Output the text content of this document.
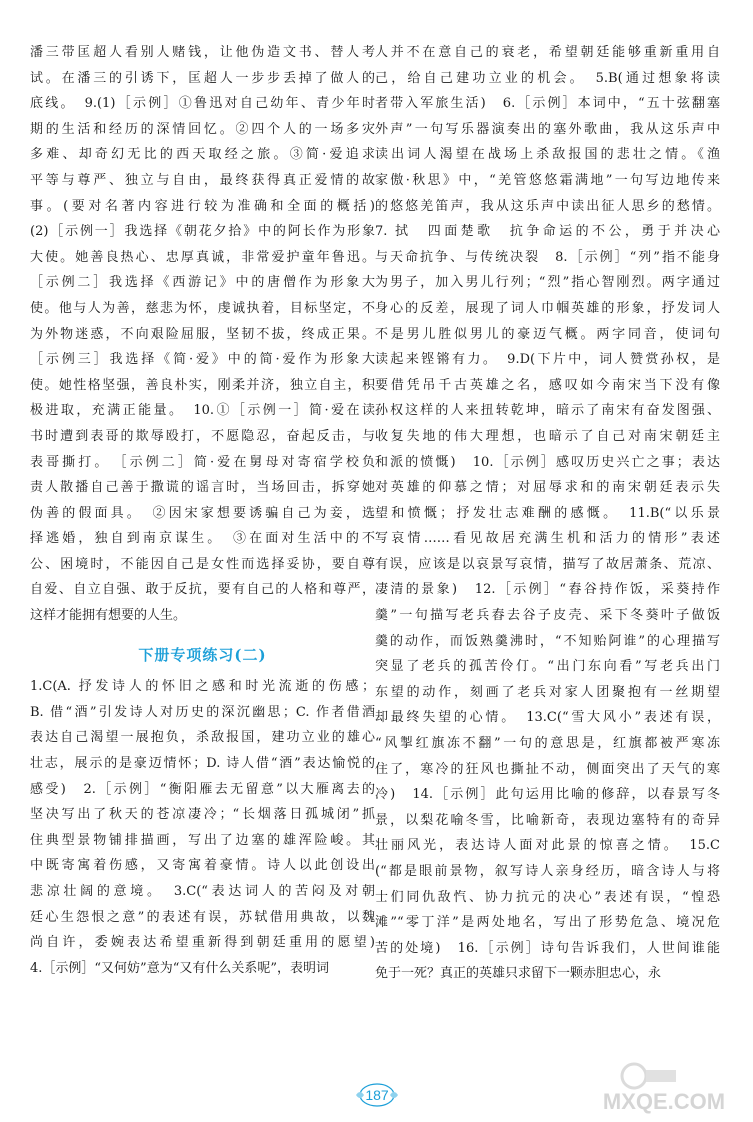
潘三带匡超人看别人赌钱，让他伪造文书、替人考
试。在潘三的引诱下，匡超人一步步丢掉了做人的
底线。　9.(1)［示例］①鲁迅对自己幼年、青少年时
期的生活和经历的深情回忆。②四个人的一场多灾
多难、却奇幻无比的西天取经之旅。③简·爱追求
平等与尊严、独立与自由，最终获得真正爱情的故
事。(要对名著内容进行较为准确和全面的概括)
(2)［示例一］我选择《朝花夕拾》中的阿长作为形象
大使。她善良热心、忠厚真诚，非常爱护童年鲁迅。
［示例二］我选择《西游记》中的唐僧作为形象大
使。他与人为善，慈悲为怀，虔诚执着，目标坚定，不
为外物迷惑，不向艰险屈服，坚韧不拔，终成正果。
［示例三］我选择《简·爱》中的简·爱作为形象大
使。她性格坚强，善良朴实，刚柔并济，独立自主，积
极进取，充满正能量。　10.①［示例一］简·爱在读
书时遭到表哥的欺辱殴打，不愿隐忍，奋起反击，与
表哥撕打。　［示例二］简·爱在舅母对寄宿学校负
责人散播自己善于撒谎的谣言时，当场回击，拆穿她
伪善的假面具。　②因宋家想要诱骗自己为妾，选
择逃婚，独自到南京谋生。　③在面对生活中的不
公、困境时，不能因自己是女性而选择妥协，要自尊
自爱、自立自强、敢于反抗，要有自己的人格和尊严，
这样才能拥有想要的人生。
下册专项练习(二)
1.C(A. 抒发诗人的怀旧之感和时光流逝的伤感；
B. 借“酒”引发诗人对历史的深沉幽思；C. 作者借酒
表达自己渴望一展抱负，杀敌报国，建功立业的雄心
壮志，展示的是豪迈情怀；D. 诗人借“酒”表达愉悦的
感受)　2.［示例］“衡阳雁去无留意”以大雁离去的
坚决写出了秋天的苍凉凄冷；“长烟落日孤城闭”抓
住典型景物铺排描画，写出了边塞的雄浑险峻。其
中既寄寓着伤感，又寄寓着豪情。诗人以此创设出
悲凉壮阔的意境。　3.C(“表达词人的苦闷及对朝
廷心生怨恨之意”的表述有误，苏轼借用典故，以魏
尚自许，委婉表达希望重新得到朝廷重用的愿望)
4.［示例］“又何妨”意为“又有什么关系呢”，表明词
人并不在意自己的衰老，希望朝廷能够重新重用自
己，给自己建功立业的机会。　5.B(通过想象将读
者带入军旅生活)　6.［示例］本词中，“五十弦翻塞
外声”一句写乐器演奏出的塞外歌曲，我从这乐声中
读出词人渴望在战场上杀敌报国的悲壮之情。《渔
家傲·秋思》中，“羌管悠悠霜满地”一句写边地传来
的悠悠羌笛声，我从这乐声中读出征人思乡的愁情。
7. 拭　四面楚歌　抗争命运的不公，勇于并决心
与天命抗争、与传统决裂　8.［示例］“列”指不能身
为男子，加入男儿行列；“烈”指心智刚烈。两字通过
身心的反差，展现了词人巾帼英雄的形象，抒发词人
不是男儿胜似男儿的豪迈气概。两字同音，使词句
读起来铿锵有力。　9.D(下片中，词人赞赏孙权，是
要借凭吊千古英雄之名，感叹如今南宋当下没有像
孙权这样的人来扭转乾坤，暗示了南宋有奋发图强、
收复失地的伟大理想，也暗示了自己对南宋朝廷主
和派的愤慨)　10.［示例］感叹历史兴亡之事；表达
对英雄的仰慕之情；对屈辱求和的南宋朝廷表示失
望和愤慨；抒发壮志难酬的感慨。　11.B(“以乐景
写哀情……看见故居充满生机和活力的情形”表述
有误，应该是以哀景写哀情，描写了故居萧条、荒凉、
凄清的景象)　12.［示例］“舂谷持作饭，采葵持作
羹”一句描写老兵舂去谷子皮壳、采下冬葵叶子做饭
羹的动作，而饭熟羹沸时，“不知贻阿谁”的心理描写
突显了老兵的孤苦伶仃。“出门东向看”写老兵出门
东望的动作，刻画了老兵对家人团聚抱有一丝期望
却最终失望的心情。　13.C(“雪大风小”表述有误，
“风掣红旗冻不翻”一句的意思是，红旗都被严寒冻
住了，寒冷的狂风也撕扯不动，侧面突出了天气的寒
冷)　14.［示例］此句运用比喻的修辞，以春景写冬
景，以梨花喻冬雪，比喻新奇，表现边塞特有的奇异
壮丽风光，表达诗人面对此景的惊喜之情。　15.C
(“都是眼前景物，叙写诗人亲身经历，暗含诗人与将
士们同仇敌忾、协力抗元的决心”表述有误，“惶恐
滩”“零丁洋”是两处地名，写出了形势危急、境况危
苦的处境)　16.［示例］诗句告诉我们，人世间谁能
免于一死？真正的英雄只求留下一颗赤胆忠心，永
187	MXQE.COM
